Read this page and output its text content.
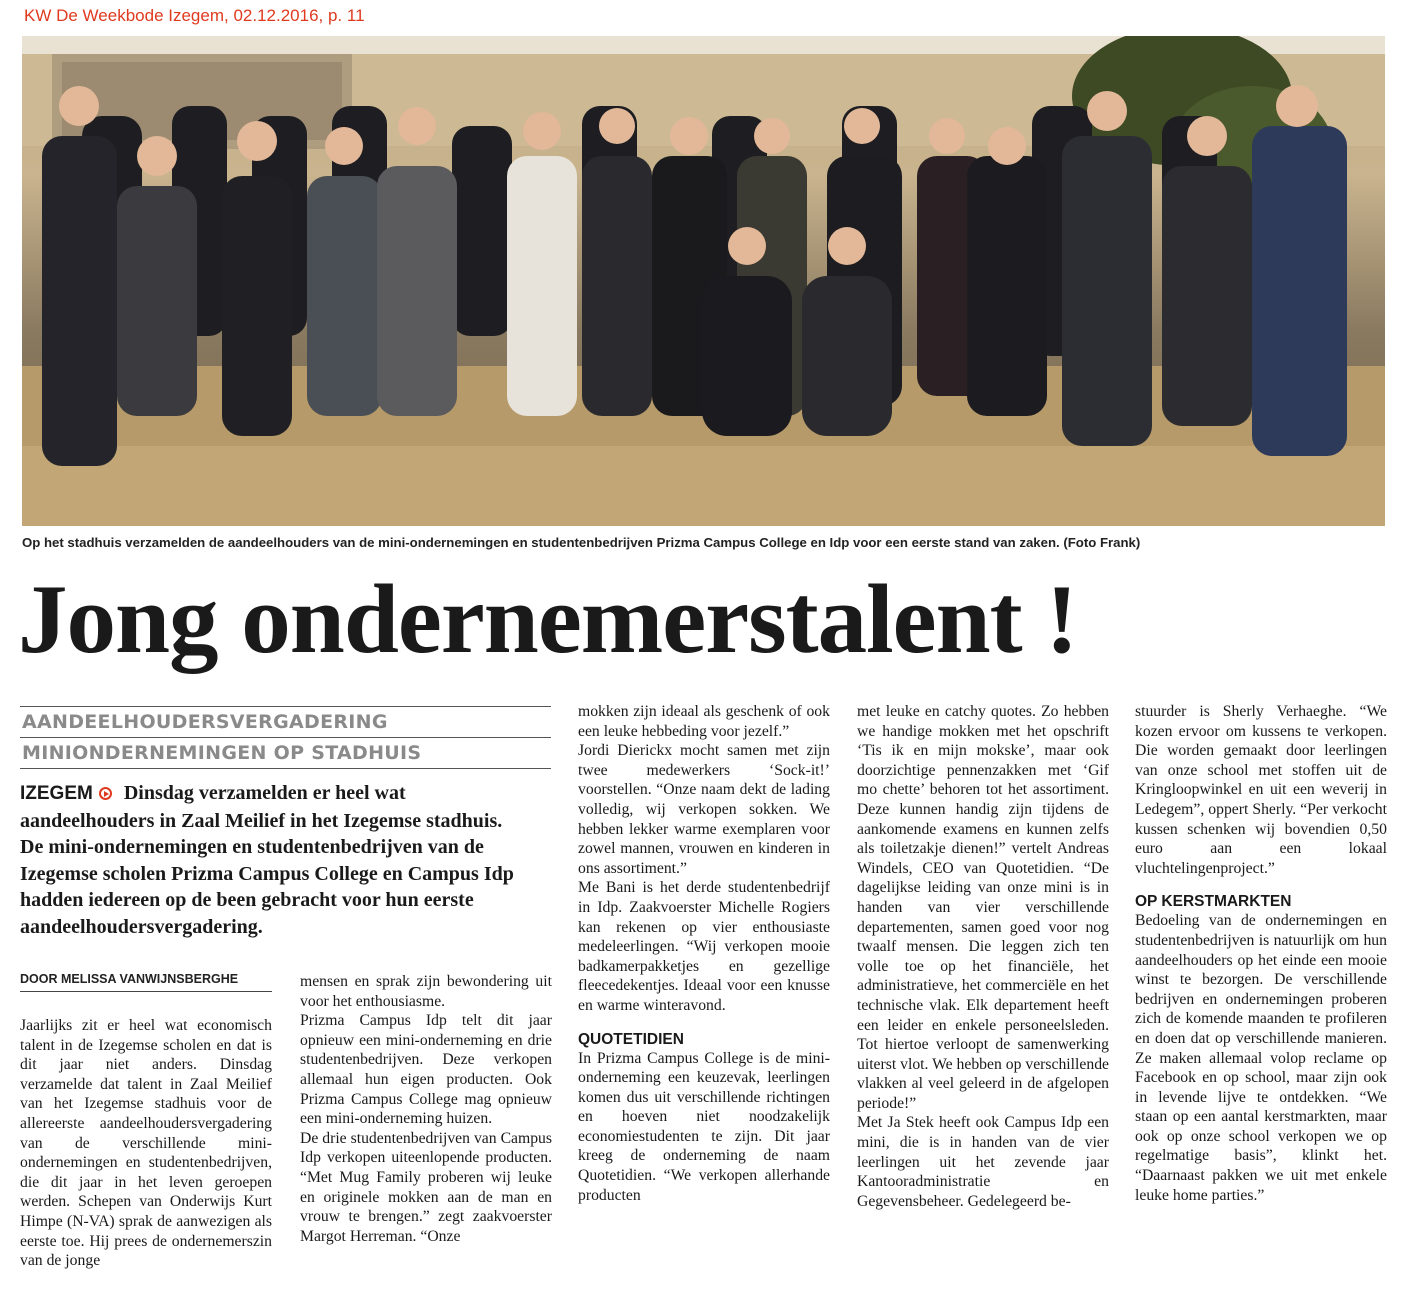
KW De Weekbode Izegem, 02.12.2016, p. 11
Op het stadhuis verzamelden de aandeelhouders van de mini-ondernemingen en studentenbedrijven Prizma Campus College en Idp voor een eerste stand van zaken. (Foto Frank)
Jong ondernemerstalent !
AANDEELHOUDERSVERGADERING
MINIONDERNEMINGEN OP STADHUIS
IZEGEM Dinsdag verzamelden er heel wat aandeelhouders in Zaal Meilief in het Izegemse stadhuis. De mini-ondernemingen en studentenbedrijven van de Izegemse scholen Prizma Campus College en Campus Idp hadden iedereen op de been gebracht voor hun eerste aandeelhoudersvergadering.
DOOR MELISSA VANWIJNSBERGHE

Jaarlijks zit er heel wat economisch talent in de Izegemse scholen en dat is dit jaar niet anders. Dinsdag verzamelde dat talent in Zaal Meilief van het Izegemse stadhuis voor de allereerste aandeelhoudersvergadering van de verschillende mini-ondernemingen en studentenbedrijven, die dit jaar in het leven geroepen werden. Schepen van Onderwijs Kurt Himpe (N-VA) sprak de aanwezigen als eerste toe. Hij prees de ondernemerszin van de jonge

mensen en sprak zijn bewondering uit voor het enthousiasme.

Prizma Campus Idp telt dit jaar opnieuw een mini-onderneming en drie studentenbedrijven. Deze verkopen allemaal hun eigen producten. Ook Prizma Campus College mag opnieuw een mini-onderneming huizen.

De drie studentenbedrijven van Campus Idp verkopen uiteenlopende producten. “Met Mug Family proberen wij leuke en originele mokken aan de man en vrouw te brengen.” zegt zaakvoerster Margot Herreman. “Onze

mokken zijn ideaal als geschenk of ook een leuke hebbeding voor jezelf.”

Jordi Dierickx mocht samen met zijn twee medewerkers ‘Sock-it!’ voorstellen. “Onze naam dekt de lading volledig, wij verkopen sokken. We hebben lekker warme exemplaren voor zowel mannen, vrouwen en kinderen in ons assortiment.”

Me Bani is het derde studentenbedrijf in Idp. Zaakvoerster Michelle Rogiers kan rekenen op vier enthousiaste medeleerlingen. “Wij verkopen mooie badkamerpakketjes en gezellige fleecedekentjes. Ideaal voor een knusse en warme winteravond.

QUOTETIDIEN

In Prizma Campus College is de mini-onderneming een keuzevak, leerlingen komen dus uit verschillende richtingen en hoeven niet noodzakelijk economiestudenten te zijn. Dit jaar kreeg de onderneming de naam Quotetidien. “We verkopen allerhande producten

met leuke en catchy quotes. Zo hebben we handige mokken met het opschrift ‘Tis ik en mijn mokske’, maar ook doorzichtige pennenzakken met ‘Gif mo chette’ behoren tot het assortiment. Deze kunnen handig zijn tijdens de aankomende examens en kunnen zelfs als toiletzakje dienen!” vertelt Andreas Windels, CEO van Quotetidien. “De dagelijkse leiding van onze mini is in handen van vier verschillende departementen, samen goed voor nog twaalf mensen. Die leggen zich ten volle toe op het financiële, het administratieve, het commerciële en het technische vlak. Elk departement heeft een leider en enkele personeelsleden. Tot hiertoe verloopt de samenwerking uiterst vlot. We hebben op verschillende vlakken al veel geleerd in de afgelopen periode!”

Met Ja Stek heeft ook Campus Idp een mini, die is in handen van de vier leerlingen uit het zevende jaar Kantooradministratie en Gegevensbeheer. Gedelegeerd be-

stuurder is Sherly Verhaeghe. “We kozen ervoor om kussens te verkopen. Die worden gemaakt door leerlingen van onze school met stoffen uit de Kringloopwinkel en uit een weverij in Ledegem”, oppert Sherly. “Per verkocht kussen schenken wij bovendien 0,50 euro aan een lokaal vluchtelingenproject.”

OP KERSTMARKTEN

Bedoeling van de ondernemingen en studentenbedrijven is natuurlijk om hun aandeelhouders op het einde een mooie winst te bezorgen. De verschillende bedrijven en ondernemingen proberen zich de komende maanden te profileren en doen dat op verschillende manieren. Ze maken allemaal volop reclame op Facebook en op school, maar zijn ook in levende lijve te ontdekken. “We staan op een aantal kerstmarkten, maar ook op onze school verkopen we op regelmatige basis”, klinkt het. “Daarnaast pakken we uit met enkele leuke home parties.”
